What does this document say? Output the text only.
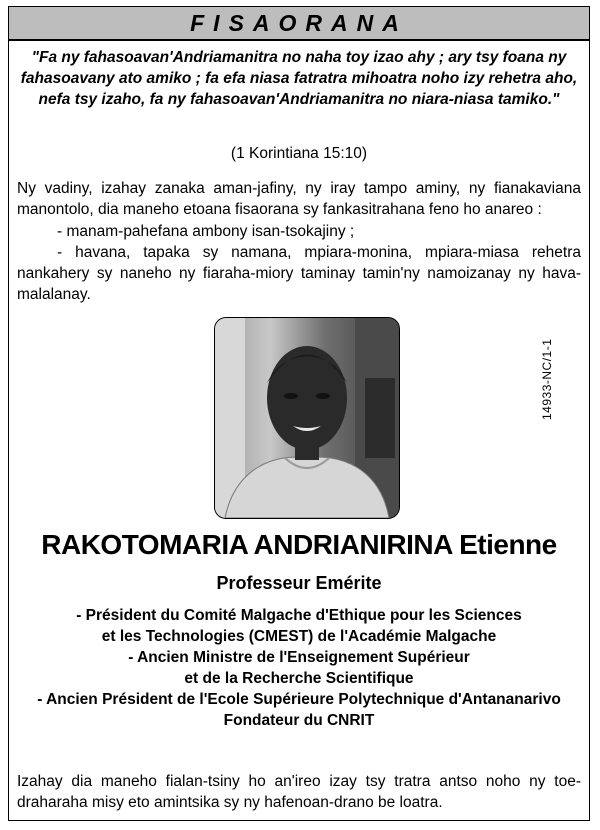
FISAORANA
"Fa ny fahasoavan'Andriamanitra no naha toy izao ahy ; ary tsy foana ny fahasoavany ato amiko ; fa efa niasa fatratra mihoatra noho izy rehetra aho, nefa tsy izaho, fa ny fahasoavan'Andriamanitra no niara-niasa tamiko."
(1 Korintiana 15:10)
Ny vadiny, izahay zanaka aman-jafiny, ny iray tampo aminy, ny fianakaviana manontolo, dia maneho etoana fisaorana sy fankasitrahana feno ho anareo :
- manam-pahefana ambony isan-tsokajiny ;
- havana, tapaka sy namana, mpiara-monina, mpiara-miasa rehetra nankahery sy naneho ny fiaraha-miory taminay tamin'ny namoizanay ny hava-malalanay.
RAKOTOMARIA ANDRIANIRINA Etienne
Professeur Emérite
- Président du Comité Malgache d'Ethique pour les Sciences
et les Technologies (CMEST) de l'Académie Malgache
- Ancien Ministre de l'Enseignement Supérieur
et de la Recherche Scientifique
- Ancien Président de l'Ecole Supérieure Polytechnique d'Antananarivo
Fondateur du CNRIT
Izahay dia maneho fialan-tsiny ho an'ireo izay tsy tratra antso noho ny toe-draharaha misy eto amintsika sy ny hafenoan-drano be loatra.
14933-NC/1-1
